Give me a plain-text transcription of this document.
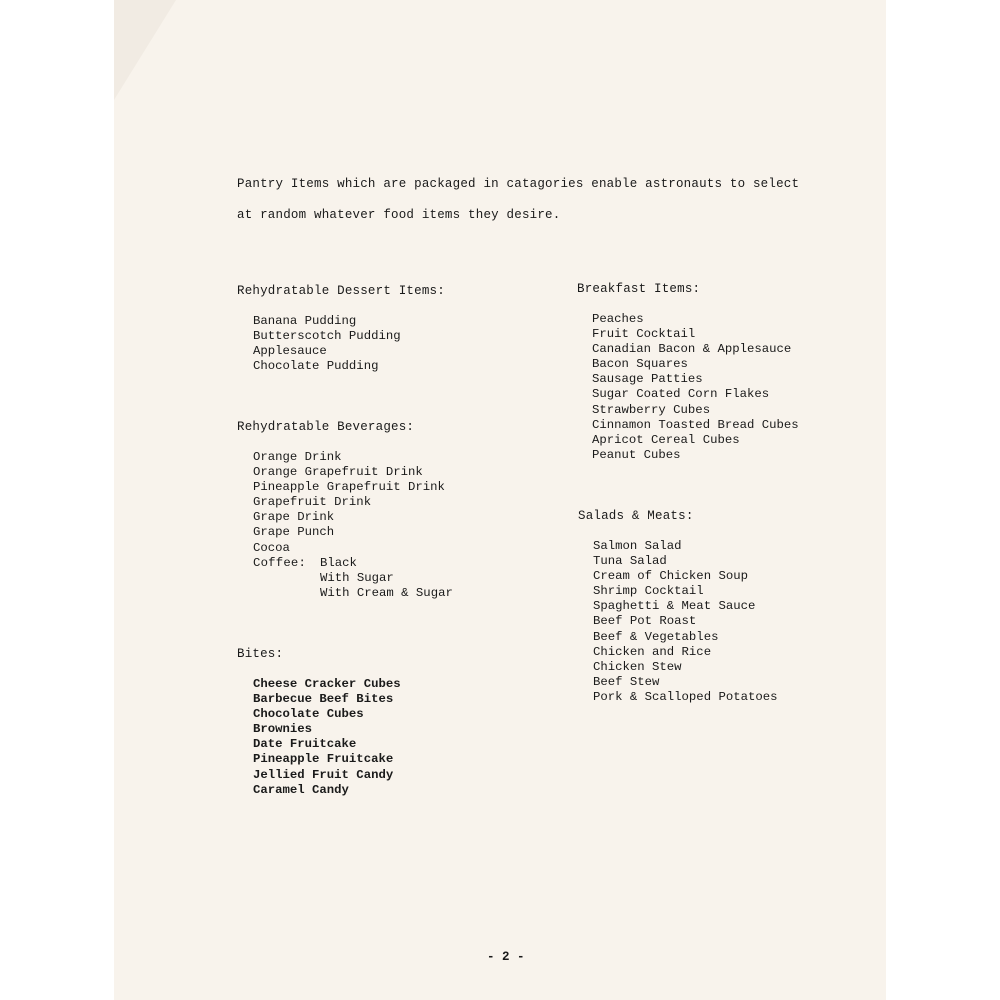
Pantry Items which are packaged in catagories enable astronauts to select
at random whatever food items they desire.
Rehydratable Dessert Items:
Banana Pudding
Butterscotch Pudding
Applesauce
Chocolate Pudding
Rehydratable Beverages:
Orange Drink
Orange Grapefruit Drink
Pineapple Grapefruit Drink
Grapefruit Drink
Grape Drink
Grape Punch
Cocoa
Coffee: Black
With Sugar
With Cream & Sugar
Bites:
Cheese Cracker Cubes
Barbecue Beef Bites
Chocolate Cubes
Brownies
Date Fruitcake
Pineapple Fruitcake
Jellied Fruit Candy
Caramel Candy
Breakfast Items:
Peaches
Fruit Cocktail
Canadian Bacon & Applesauce
Bacon Squares
Sausage Patties
Sugar Coated Corn Flakes
Strawberry Cubes
Cinnamon Toasted Bread Cubes
Apricot Cereal Cubes
Peanut Cubes
Salads & Meats:
Salmon Salad
Tuna Salad
Cream of Chicken Soup
Shrimp Cocktail
Spaghetti & Meat Sauce
Beef Pot Roast
Beef & Vegetables
Chicken and Rice
Chicken Stew
Beef Stew
Pork & Scalloped Potatoes
- 2 -
